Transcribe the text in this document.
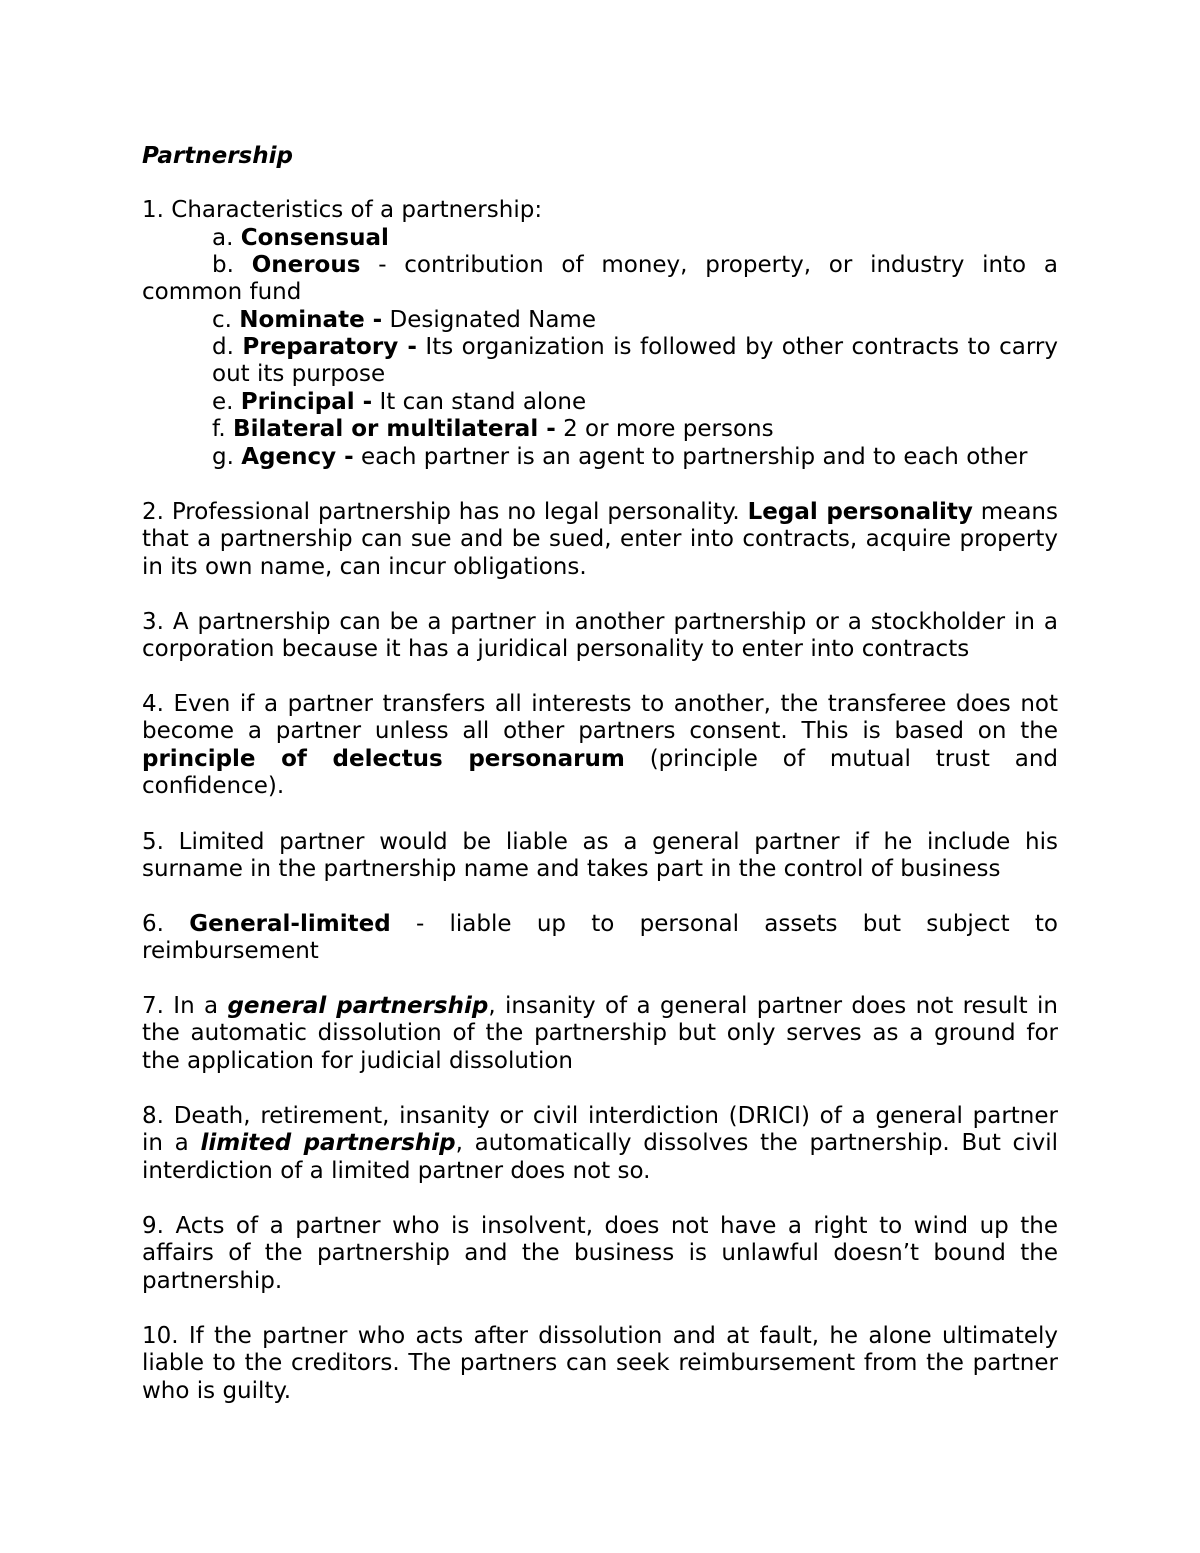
Partnership

1. Characteristics of a partnership:

a. Consensual

b. Onerous - contribution of money, property, or industry into a common fund

c. Nominate - Designated Name

d. Preparatory - Its organization is followed by other contracts to carry out its purpose

e. Principal - It can stand alone

f. Bilateral or multilateral - 2 or more persons

g. Agency - each partner is an agent to partnership and to each other

2. Professional partnership has no legal personality. Legal personality means that a partnership can sue and be sued, enter into contracts, acquire property in its own name, can incur obligations.

3. A partnership can be a partner in another partnership or a stockholder in a corporation because it has a juridical personality to enter into contracts

4. Even if a partner transfers all interests to another, the transferee does not become a partner unless all other partners consent. This is based on the principle of delectus personarum (principle of mutual trust and confidence).

5. Limited partner would be liable as a general partner if he include his surname in the partnership name and takes part in the control of business

6. General-limited - liable up to personal assets but subject to reimbursement

7. In a general partnership, insanity of a general partner does not result in the automatic dissolution of the partnership but only serves as a ground for the application for judicial dissolution

8. Death, retirement, insanity or civil interdiction (DRICI) of a general partner in a limited partnership, automatically dissolves the partnership. But civil interdiction of a limited partner does not so.

9. Acts of a partner who is insolvent, does not have a right to wind up the affairs of the partnership and the business is unlawful doesn’t bound the partnership.

10. If the partner who acts after dissolution and at fault, he alone ultimately liable to the creditors. The partners can seek reimbursement from the partner who is guilty.
